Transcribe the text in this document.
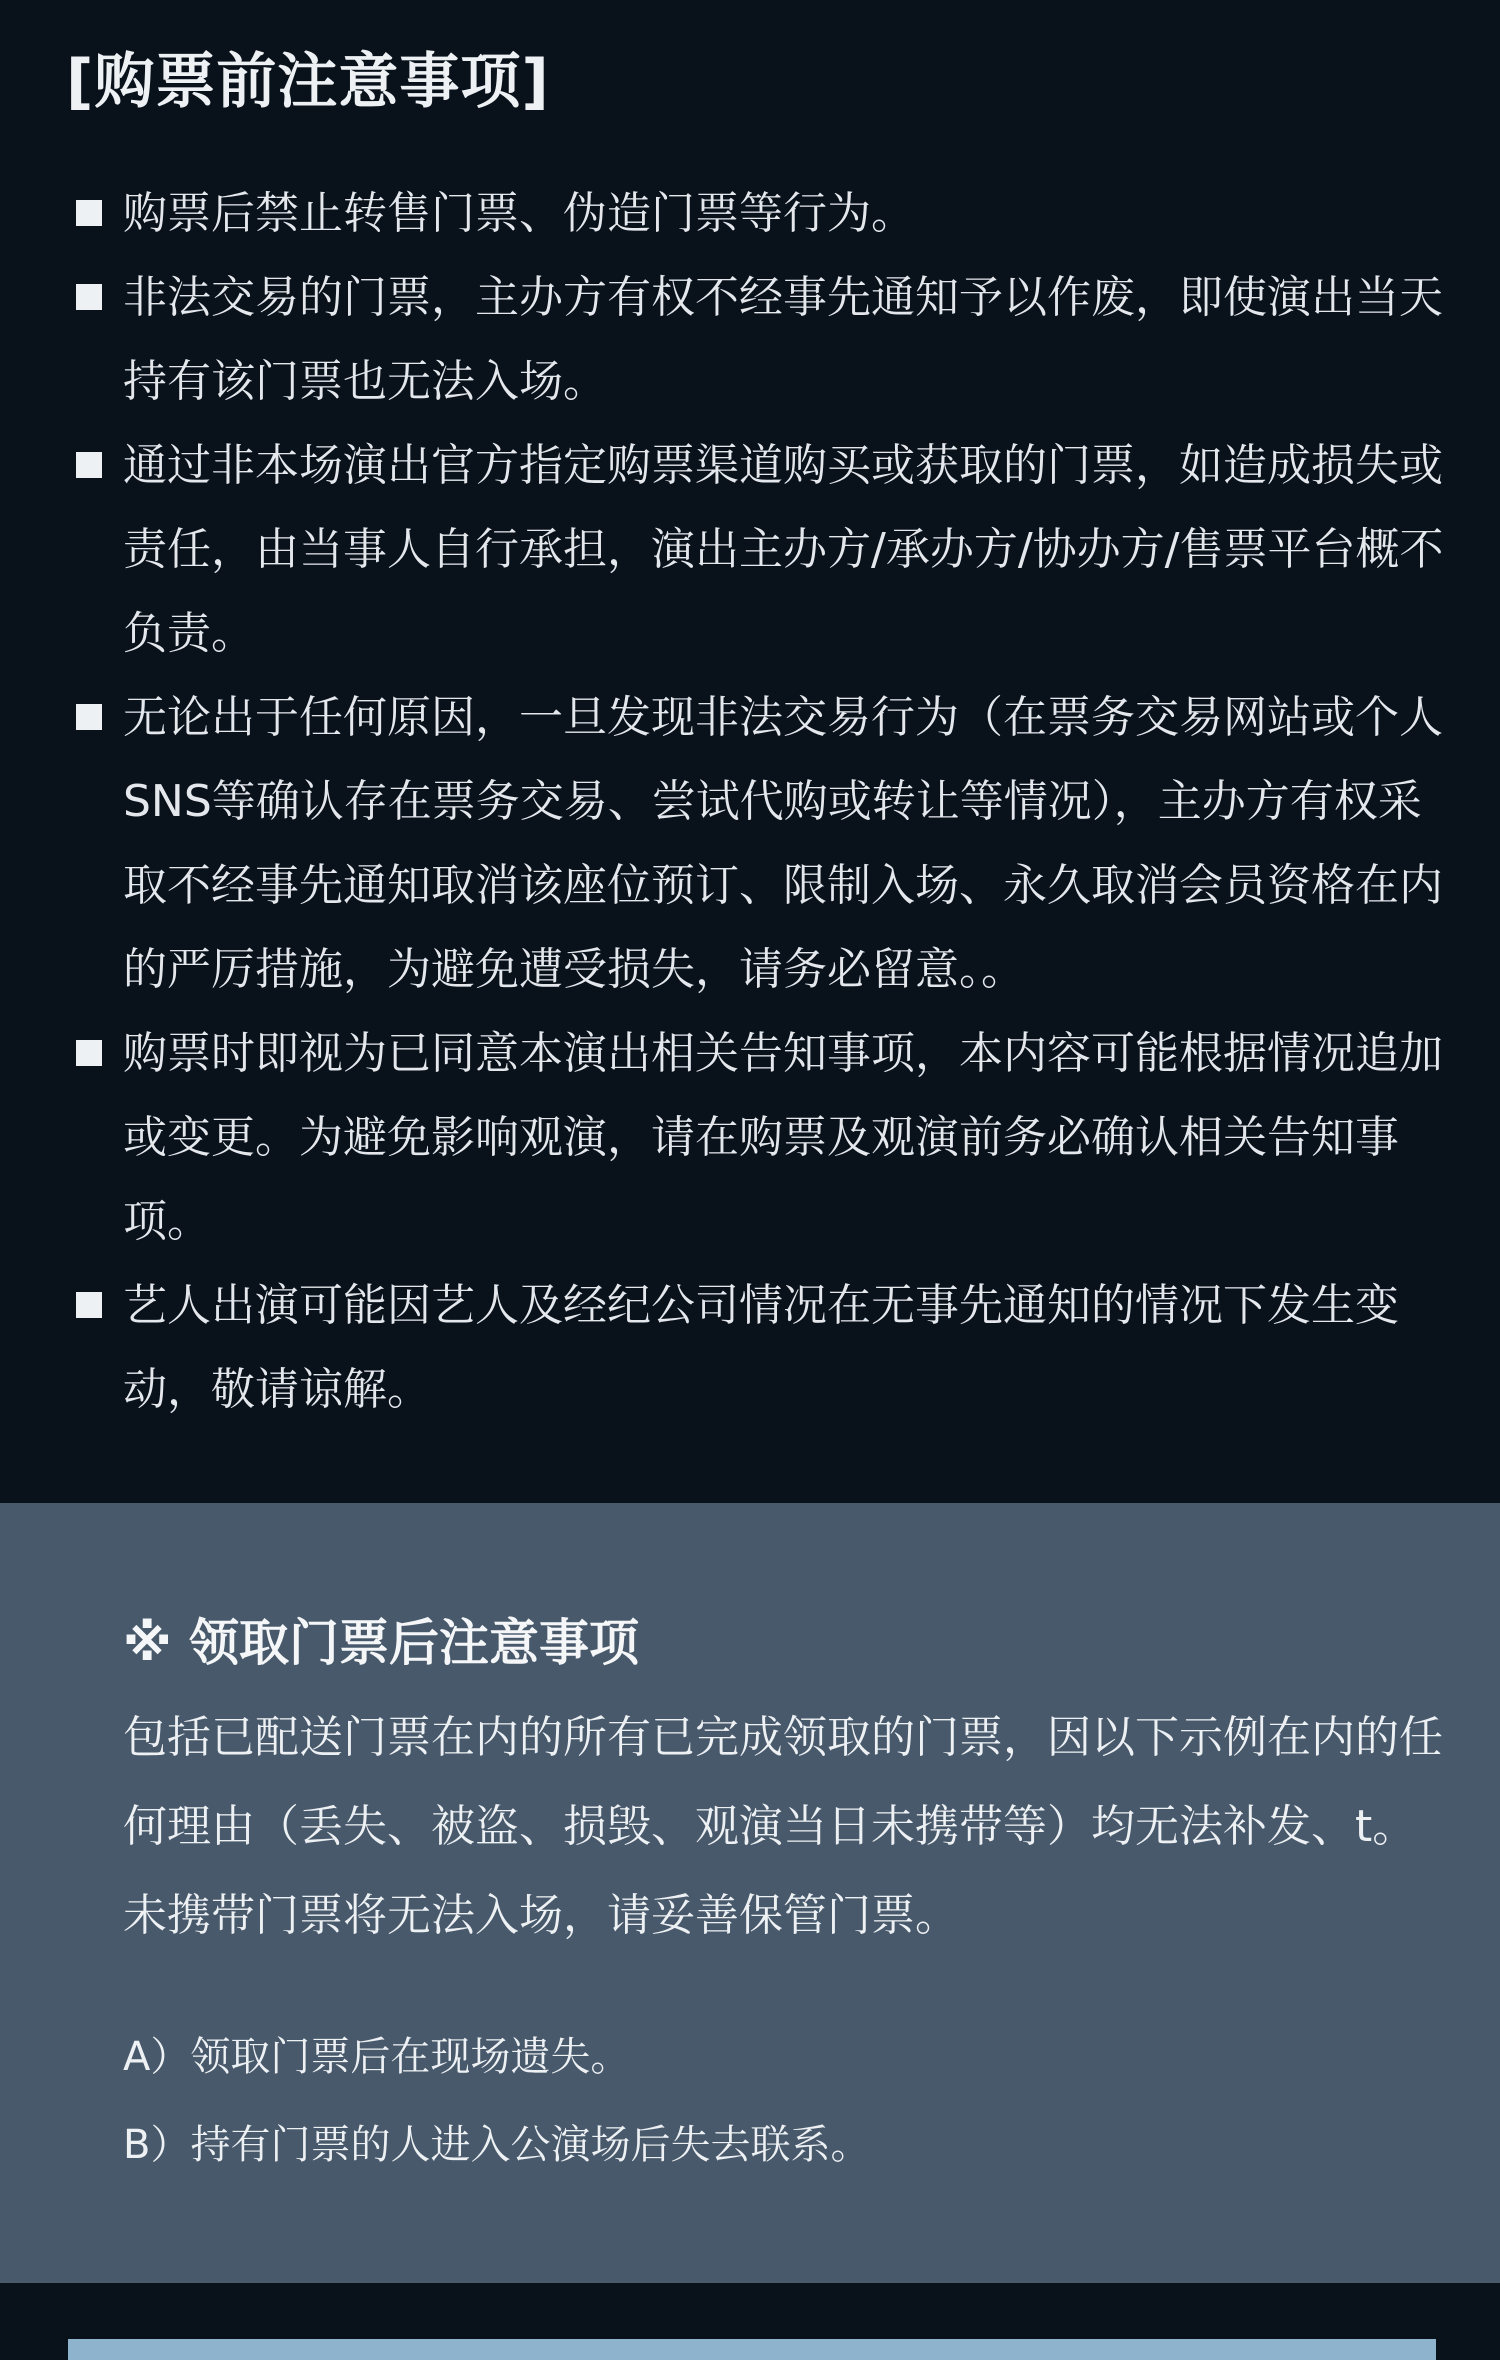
[购票前注意事项]
购票后禁止转售门票、伪造门票等行为。
非法交易的门票，主办方有权不经事先通知予以作废，即使演出当天持有该门票也无法入场。
通过非本场演出官方指定购票渠道购买或获取的门票，如造成损失或责任，由当事人自行承担，演出主办方/承办方/协办方/售票平台概不负责。
无论出于任何原因，一旦发现非法交易行为（在票务交易网站或个人SNS等确认存在票务交易、尝试代购或转让等情况），主办方有权采取不经事先通知取消该座位预订、限制入场、永久取消会员资格在内的严厉措施，为避免遭受损失，请务必留意。。
购票时即视为已同意本演出相关告知事项，本内容可能根据情况追加或变更。为避免影响观演，请在购票及观演前务必确认相关告知事项。
艺人出演可能因艺人及经纪公司情况在无事先通知的情况下发生变动，敬请谅解。
※ 领取门票后注意事项

包括已配送门票在内的所有已完成领取的门票，因以下示例在内的任何理由（丢失、被盗、损毁、观演当日未携带等）均无法补发、t。未携带门票将无法入场，请妥善保管门票。

A）领取门票后在现场遗失。
B）持有门票的人进入公演场后失去联系。
